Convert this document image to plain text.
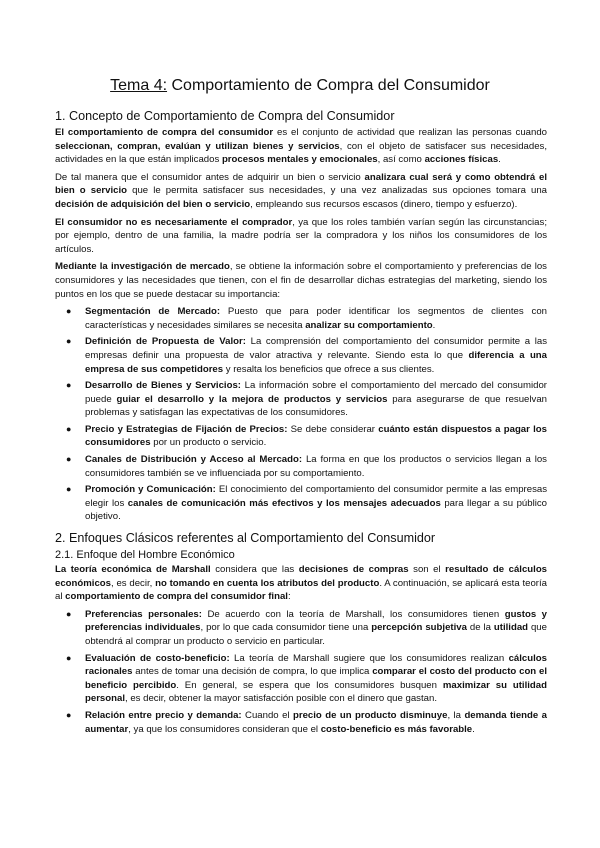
Tema 4: Comportamiento de Compra del Consumidor
1. Concepto de Comportamiento de Compra del Consumidor

El comportamiento de compra del consumidor es el conjunto de actividad que realizan las personas cuando seleccionan, compran, evalúan y utilizan bienes y servicios, con el objeto de satisfacer sus necesidades, actividades en la que están implicados procesos mentales y emocionales, así como acciones físicas.

De tal manera que el consumidor antes de adquirir un bien o servicio analizara cual será y como obtendrá el bien o servicio que le permita satisfacer sus necesidades, y una vez analizadas sus opciones tomara una decisión de adquisición del bien o servicio, empleando sus recursos escasos (dinero, tiempo y esfuerzo).

El consumidor no es necesariamente el comprador, ya que los roles también varían según las circunstancias; por ejemplo, dentro de una familia, la madre podría ser la compradora y los niños los consumidores de los artículos.

Mediante la investigación de mercado, se obtiene la información sobre el comportamiento y preferencias de los consumidores y las necesidades que tienen, con el fin de desarrollar dichas estrategias del marketing, siendo los puntos en los que se puede destacar su importancia:

● Segmentación de Mercado: Puesto que para poder identificar los segmentos de clientes con características y necesidades similares se necesita analizar su comportamiento.
● Definición de Propuesta de Valor: La comprensión del comportamiento del consumidor permite a las empresas definir una propuesta de valor atractiva y relevante. Siendo esta lo que diferencia a una empresa de sus competidores y resalta los beneficios que ofrece a sus clientes.
● Desarrollo de Bienes y Servicios: La información sobre el comportamiento del mercado del consumidor puede guiar el desarrollo y la mejora de productos y servicios para asegurarse de que resuelvan problemas y satisfagan las expectativas de los consumidores.
● Precio y Estrategias de Fijación de Precios: Se debe considerar cuánto están dispuestos a pagar los consumidores por un producto o servicio.
● Canales de Distribución y Acceso al Mercado: La forma en que los productos o servicios llegan a los consumidores también se ve influenciada por su comportamiento.
● Promoción y Comunicación: El conocimiento del comportamiento del consumidor permite a las empresas elegir los canales de comunicación más efectivos y los mensajes adecuados para llegar a su público objetivo.
2. Enfoques Clásicos referentes al Comportamiento del Consumidor
2.1. Enfoque del Hombre Económico

La teoría económica de Marshall considera que las decisiones de compras son el resultado de cálculos económicos, es decir, no tomando en cuenta los atributos del producto. A continuación, se aplicará esta teoría al comportamiento de compra del consumidor final:

● Preferencias personales: De acuerdo con la teoría de Marshall, los consumidores tienen gustos y preferencias individuales, por lo que cada consumidor tiene una percepción subjetiva de la utilidad que obtendrá al comprar un producto o servicio en particular.
● Evaluación de costo-beneficio: La teoría de Marshall sugiere que los consumidores realizan cálculos racionales antes de tomar una decisión de compra, lo que implica comparar el costo del producto con el beneficio percibido. En general, se espera que los consumidores busquen maximizar su utilidad personal, es decir, obtener la mayor satisfacción posible con el dinero que gastan.
● Relación entre precio y demanda: Cuando el precio de un producto disminuye, la demanda tiende a aumentar, ya que los consumidores consideran que el costo-beneficio es más favorable.
